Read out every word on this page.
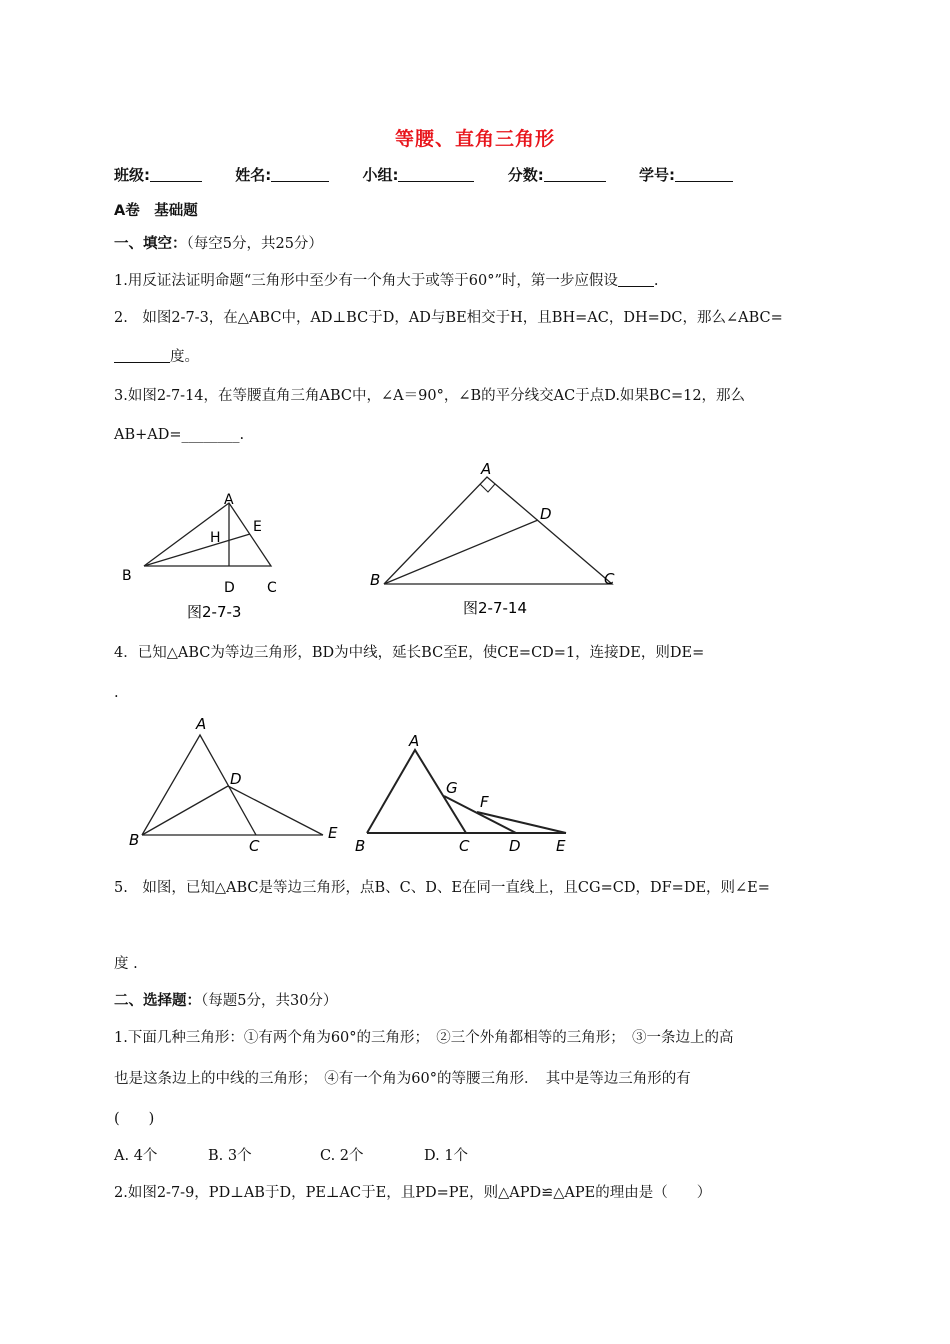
等腰、直角三角形
班级:	姓名:	小组:	分数:	学号:
A卷　基础题
一、填空：（每空5分，共25分）
1.用反证法证明命题“三角形中至少有一个角大于或等于60°”时，第一步应假设 .
2.　如图2-7-3，在△ABC中，AD⊥BC于D，AD与BE相交于H，且BH=AC，DH=DC，那么∠ABC=
度。
3.如图2-7-14，在等腰直角三角ABC中，∠A＝90°，∠B的平分线交AC于点D.如果BC=12，那么
AB+AD=________.
A
E
H
B
D C
图2-7-3
A
D
B	C
图2-7-14
4．已知△ABC为等边三角形，BD为中线，延长BC至E，使CE=CD=1，连接DE，则DE=
.
A
D
B	C
E
A
G
F
B	C	D E
5.　如图，已知△ABC是等边三角形，点B、C、D、E在同一直线上，且CG=CD，DF=DE，则∠E=
度 .
二、选择题：（每题5分，共30分）
1.下面几种三角形：①有两个角为60°的三角形；　②三个外角都相等的三角形；　③一条边上的高
也是这条边上的中线的三角形；　④有一个角为60°的等腰三角形．　其中是等边三角形的有
(　　)
A. 4个	B. 3个	C. 2个	D. 1个
2.如图2-7-9，PD⊥AB于D，PE⊥AC于E，且PD=PE，则△APD≌△APE的理由是（　　）
